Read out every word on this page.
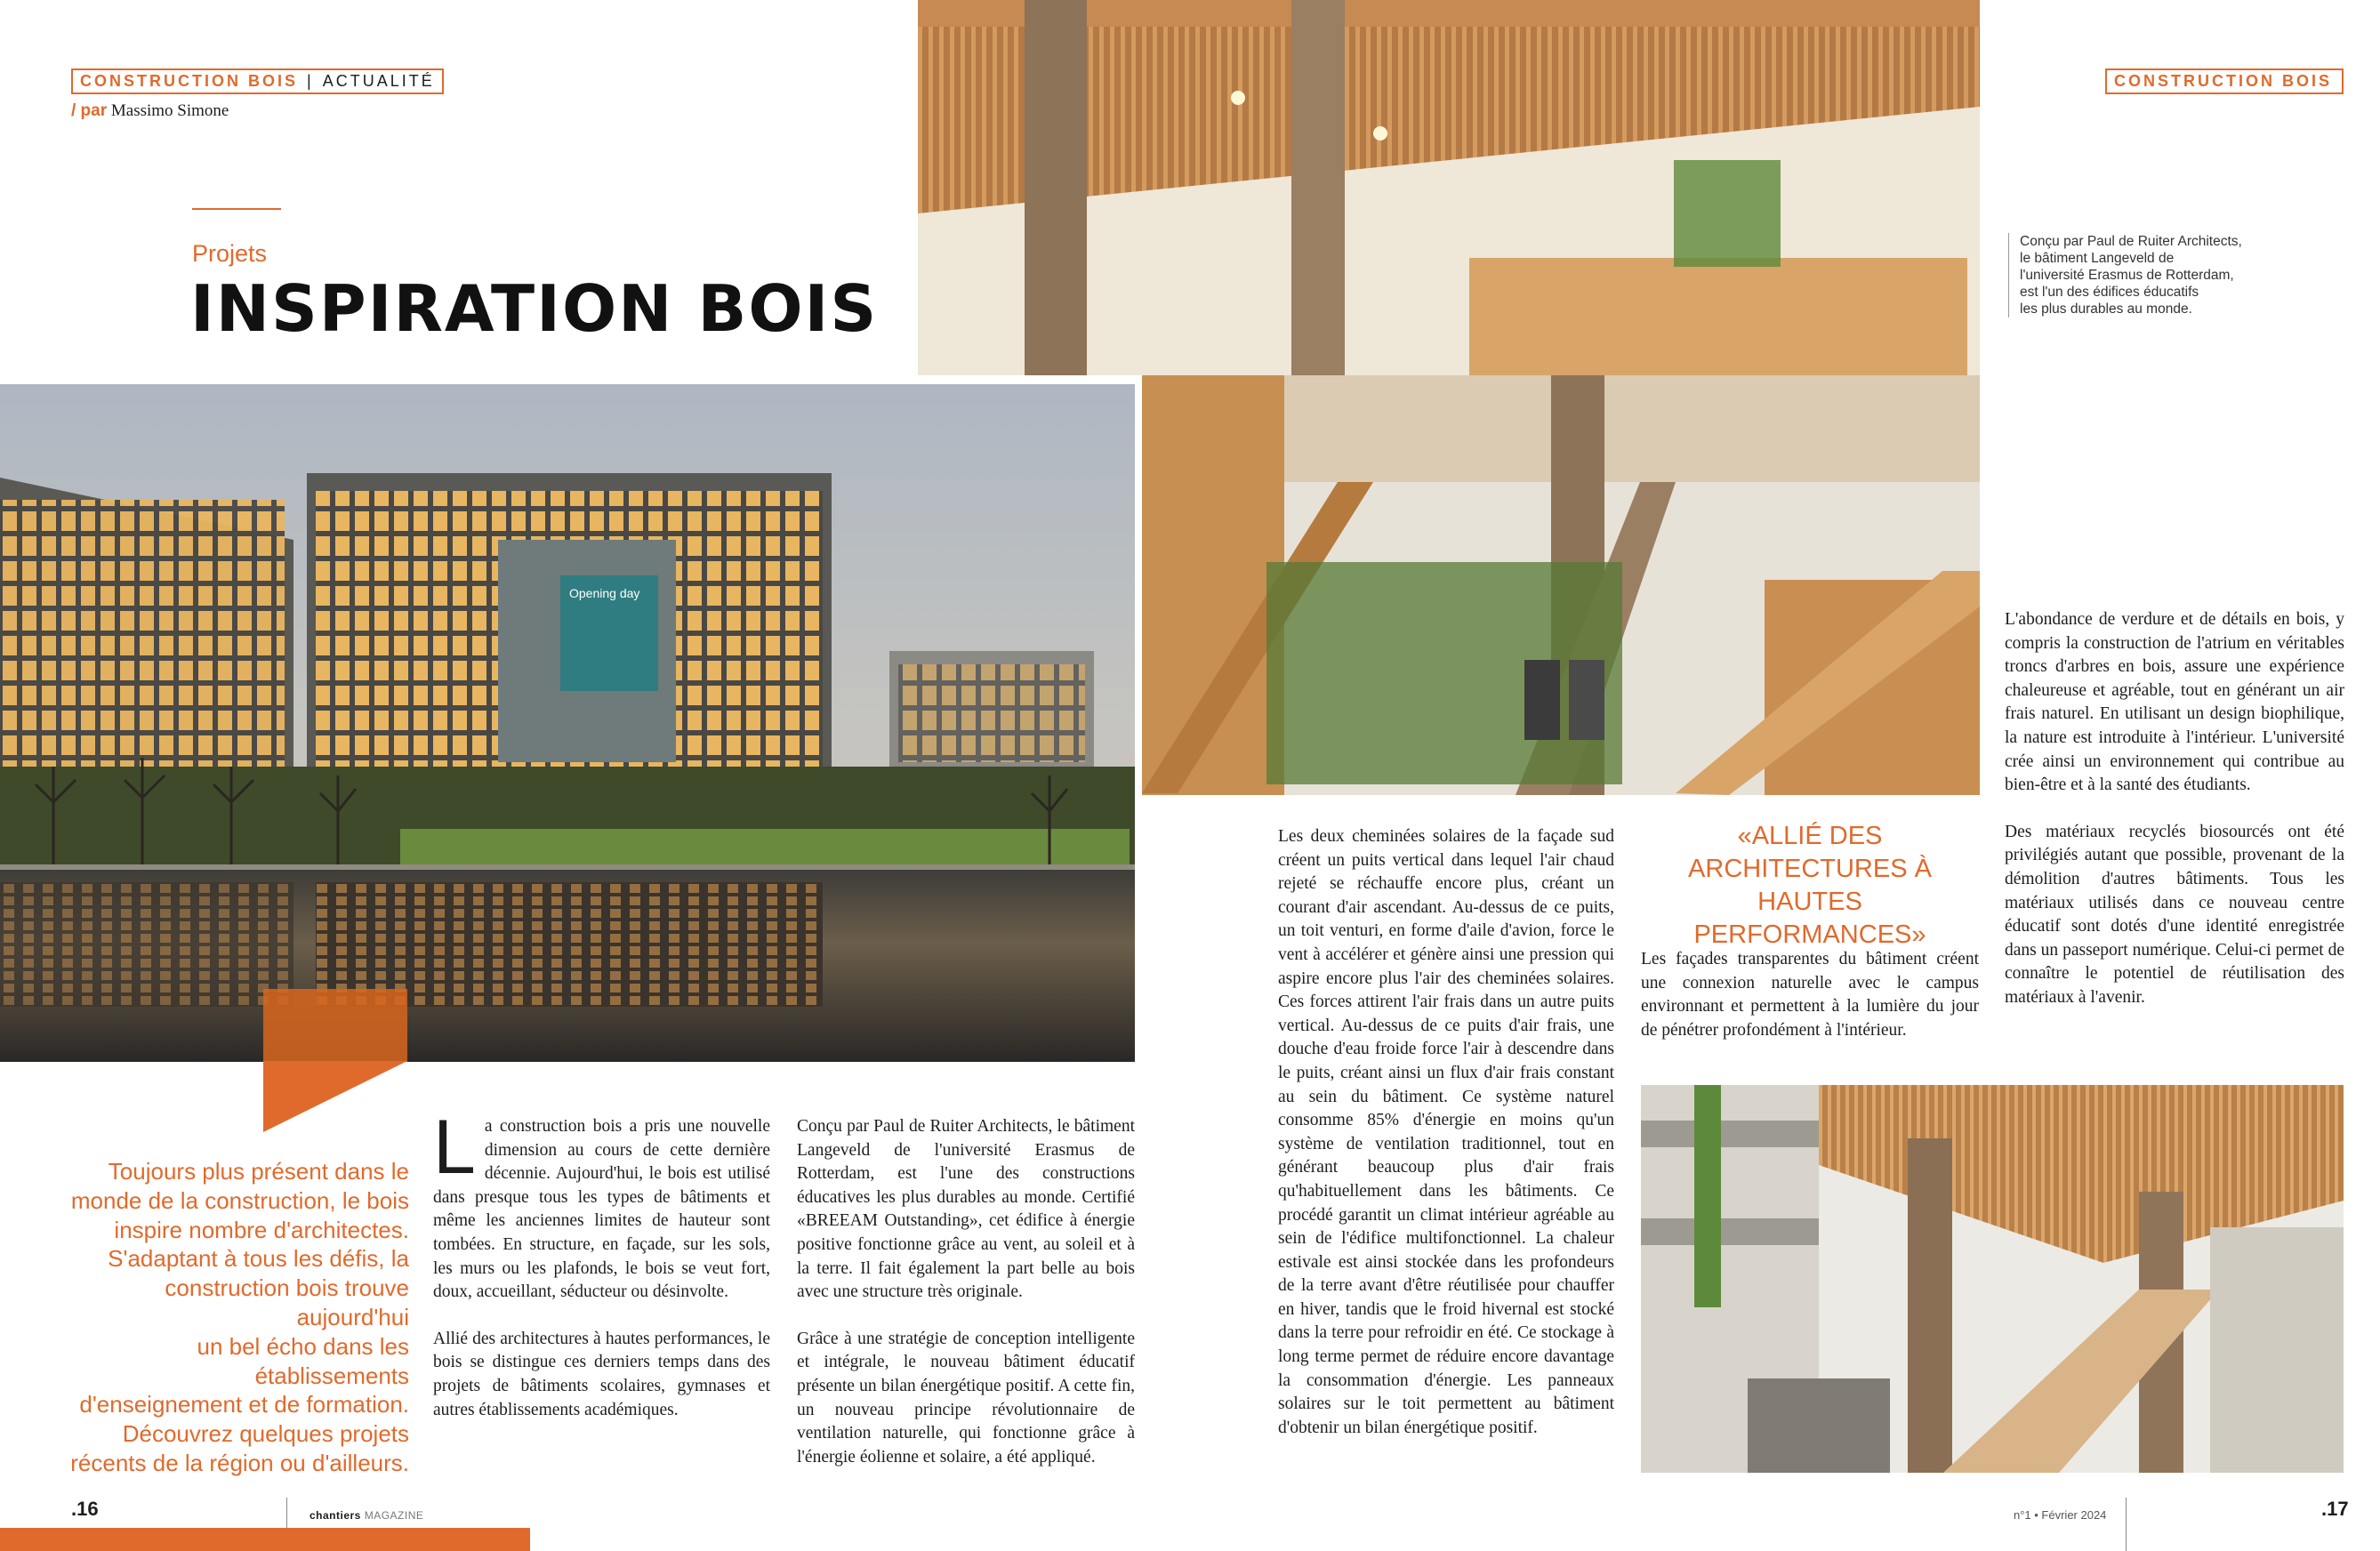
CONSTRUCTION BOIS | ACTUALITÉ
/ par Massimo Simone
Projets
INSPIRATION BOIS
Opening day
Conçu par Paul de Ruiter Architects,
le bâtiment Langeveld de
l'université Erasmus de Rotterdam,
est l'un des édifices éducatifs
les plus durables au monde.
CONSTRUCTION BOIS
Toujours plus présent dans le
monde de la construction, le bois
inspire nombre d'architectes.
S'adaptant à tous les défis, la
construction bois trouve aujourd'hui
un bel écho dans les établissements
d'enseignement et de formation.
Découvrez quelques projets
récents de la région ou d'ailleurs.

La construction bois a pris une nouvelle dimension au cours de cette dernière décennie. Aujourd'hui, le bois est utilisé dans presque tous les types de bâtiments et même les anciennes limites de hauteur sont tombées. En structure, en façade, sur les sols, les murs ou les plafonds, le bois se veut fort, doux, accueillant, séducteur ou désinvolte.

Allié des architectures à hautes performances, le bois se distingue ces derniers temps dans des projets de bâtiments scolaires, gymnases et autres établissements académiques.

Conçu par Paul de Ruiter Architects, le bâtiment Langeveld de l'université Erasmus de Rotterdam, est l'une des constructions éducatives les plus durables au monde. Certifié «BREEAM Outstanding», cet édifice à énergie positive fonctionne grâce au vent, au soleil et à la terre. Il fait également la part belle au bois avec une structure très originale.

Grâce à une stratégie de conception intelligente et intégrale, le nouveau bâtiment éducatif présente un bilan énergétique positif. A cette fin, un nouveau principe révolutionnaire de ventilation naturelle, qui fonctionne grâce à l'énergie éolienne et solaire, a été appliqué.

Les deux cheminées solaires de la façade sud créent un puits vertical dans lequel l'air chaud rejeté se réchauffe encore plus, créant un courant d'air ascendant. Au-dessus de ce puits, un toit venturi, en forme d'aile d'avion, force le vent à accélérer et génère ainsi une pression qui aspire encore plus l'air des cheminées solaires. Ces forces attirent l'air frais dans un autre puits vertical. Au-dessus de ce puits d'air frais, une douche d'eau froide force l'air à descendre dans le puits, créant ainsi un flux d'air frais constant au sein du bâtiment. Ce système naturel consomme 85% d'énergie en moins qu'un système de ventilation traditionnel, tout en générant beaucoup plus d'air frais qu'habituellement dans les bâtiments. Ce procédé garantit un climat intérieur agréable au sein de l'édifice multifonctionnel. La chaleur estivale est ainsi stockée dans les profondeurs de la terre avant d'être réutilisée pour chauffer en hiver, tandis que le froid hivernal est stocké dans la terre pour refroidir en été. Ce stockage à long terme permet de réduire encore davantage la consommation d'énergie. Les panneaux solaires sur le toit permettent au bâtiment d'obtenir un bilan énergétique positif.

«ALLIÉ DES
ARCHITECTURES À HAUTES
PERFORMANCES»

Les façades transparentes du bâtiment créent une connexion naturelle avec le campus environnant et permettent à la lumière du jour de pénétrer profondément à l'intérieur.

L'abondance de verdure et de détails en bois, y compris la construction de l'atrium en véritables troncs d'arbres en bois, assure une expérience chaleureuse et agréable, tout en générant un air frais naturel. En utilisant un design biophilique, la nature est introduite à l'intérieur. L'université crée ainsi un environnement qui contribue au bien-être et à la santé des étudiants.

Des matériaux recyclés biosourcés ont été privilégiés autant que possible, provenant de la démolition d'autres bâtiments. Tous les matériaux utilisés dans ce nouveau centre éducatif sont dotés d'une identité enregistrée dans un passeport numérique. Celui-ci permet de connaître le potentiel de réutilisation des matériaux à l'avenir.

.16	chantiers MAGAZINE	n°1 • Février 2024	.17
